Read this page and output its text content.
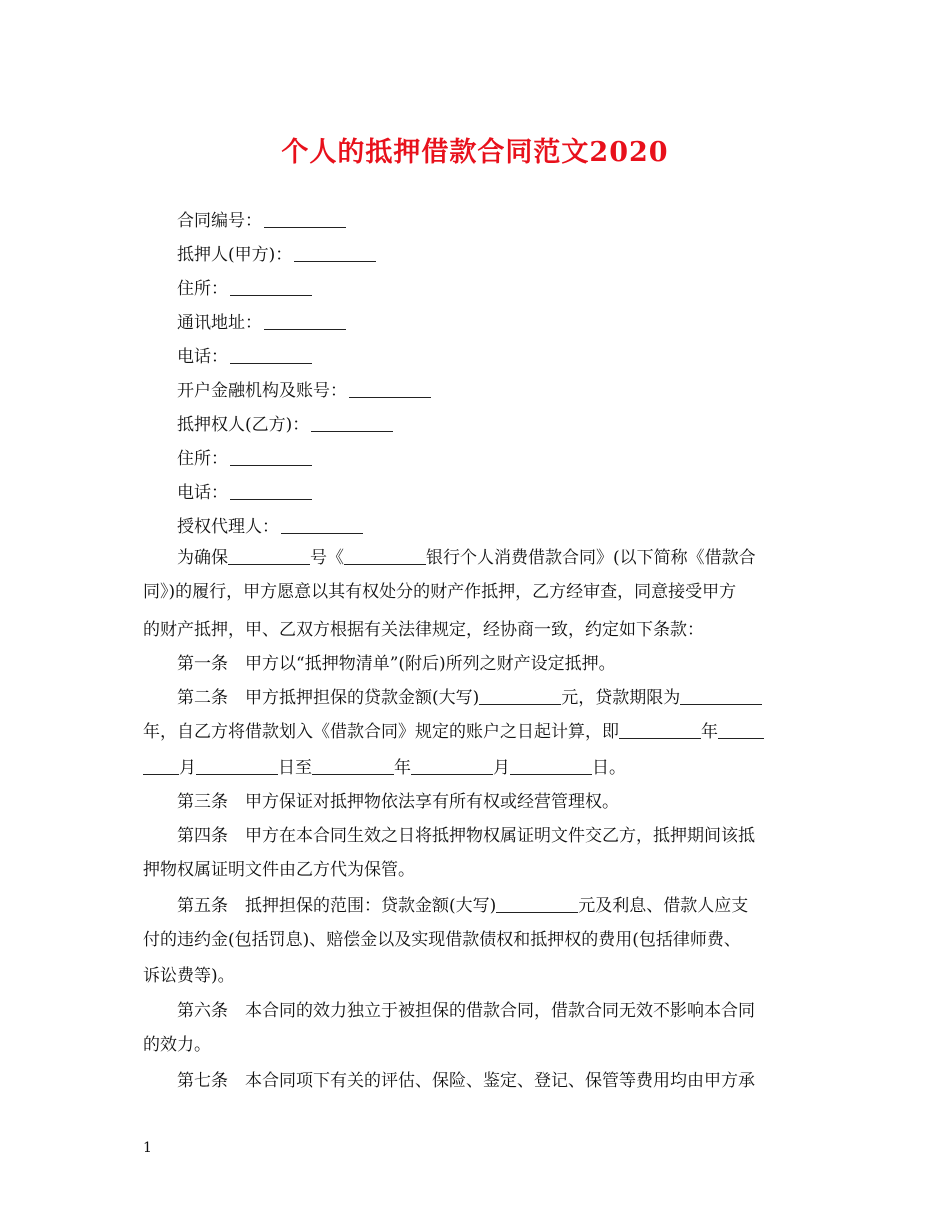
个人的抵押借款合同范文2020
合同编号：
抵押人(甲方)：
住所：
通讯地址：
电话：
开户金融机构及账号：
抵押权人(乙方)：
住所：
电话：
授权代理人：
为确保	号《	银行个人消费借款合同》(以下简称《借款合
同》)的履行，甲方愿意以其有权处分的财产作抵押，乙方经审查，同意接受甲方
的财产抵押，甲、乙双方根据有关法律规定，经协商一致，约定如下条款：
第一条　甲方以“抵押物清单”(附后)所列之财产设定抵押。
第二条　甲方抵押担保的贷款金额(大写)	元，贷款期限为
年，自乙方将借款划入《借款合同》规定的账户之日起计算，即	年
月	日至	年	月	日。
第三条　甲方保证对抵押物依法享有所有权或经营管理权。
第四条　甲方在本合同生效之日将抵押物权属证明文件交乙方，抵押期间该抵
押物权属证明文件由乙方代为保管。
第五条　抵押担保的范围：贷款金额(大写)	元及利息、借款人应支
付的违约金(包括罚息)、赔偿金以及实现借款债权和抵押权的费用(包括律师费、
诉讼费等)。
第六条　本合同的效力独立于被担保的借款合同，借款合同无效不影响本合同
的效力。
第七条　本合同项下有关的评估、保险、鉴定、登记、保管等费用均由甲方承
1
